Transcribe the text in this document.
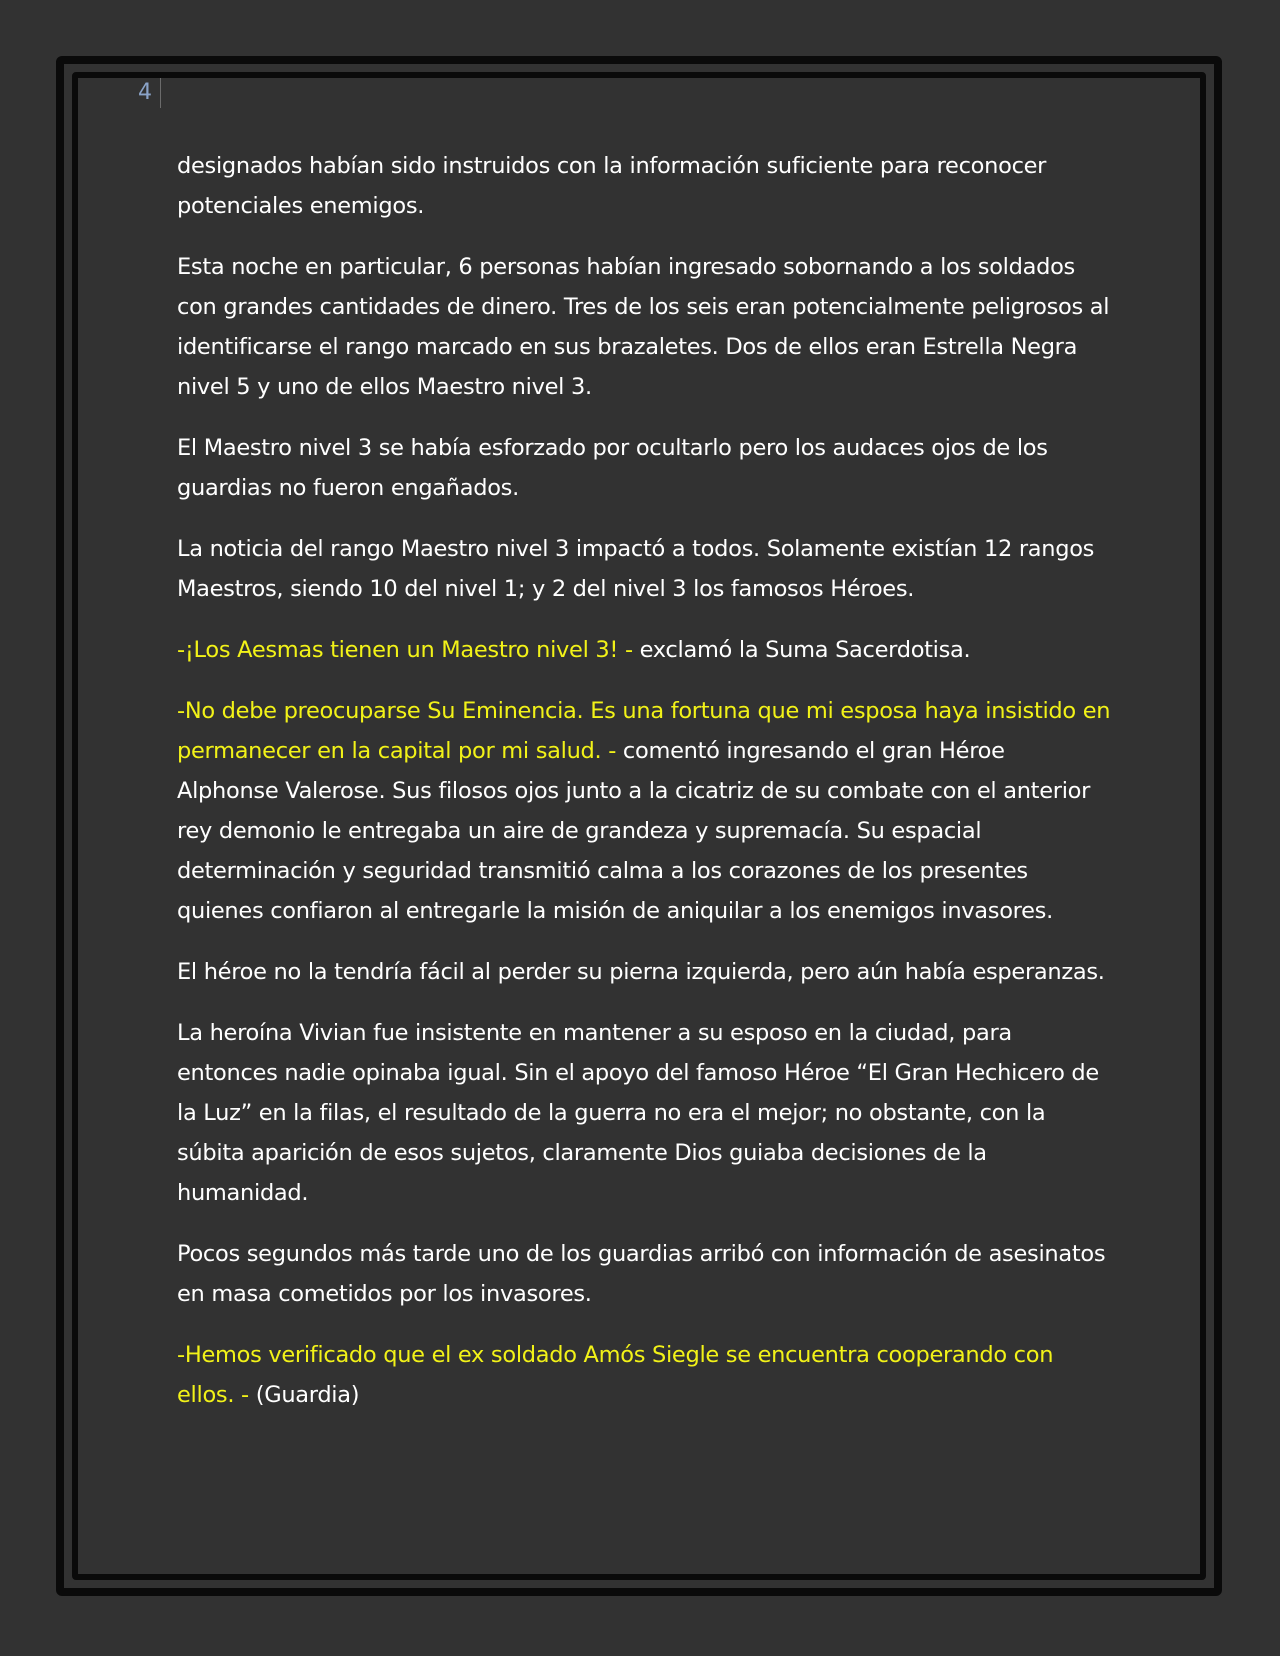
4

designados habían sido instruidos con la información suficiente para reconocer potenciales enemigos.

Esta noche en particular, 6 personas habían ingresado sobornando a los soldados con grandes cantidades de dinero. Tres de los seis eran potencialmente peligrosos al identificarse el rango marcado en sus brazaletes. Dos de ellos eran Estrella Negra nivel 5 y uno de ellos Maestro nivel 3.

El Maestro nivel 3 se había esforzado por ocultarlo pero los audaces ojos de los guardias no fueron engañados.

La noticia del rango Maestro nivel 3 impactó a todos. Solamente existían 12 rangos Maestros, siendo 10 del nivel 1; y 2 del nivel 3 los famosos Héroes.

-¡Los Aesmas tienen un Maestro nivel 3! - exclamó la Suma Sacerdotisa.

-No debe preocuparse Su Eminencia. Es una fortuna que mi esposa haya insistido en permanecer en la capital por mi salud. - comentó ingresando el gran Héroe Alphonse Valerose. Sus filosos ojos junto a la cicatriz de su combate con el anterior rey demonio le entregaba un aire de grandeza y supremacía. Su espacial determinación y seguridad transmitió calma a los corazones de los presentes quienes confiaron al entregarle la misión de aniquilar a los enemigos invasores.

El héroe no la tendría fácil al perder su pierna izquierda, pero aún había esperanzas.

La heroína Vivian fue insistente en mantener a su esposo en la ciudad, para entonces nadie opinaba igual. Sin el apoyo del famoso Héroe “El Gran Hechicero de la Luz” en la filas, el resultado de la guerra no era el mejor; no obstante, con la súbita aparición de esos sujetos, claramente Dios guiaba decisiones de la humanidad.

Pocos segundos más tarde uno de los guardias arribó con información de asesinatos en masa cometidos por los invasores.

-Hemos verificado que el ex soldado Amós Siegle se encuentra cooperando con ellos. - (Guardia)
